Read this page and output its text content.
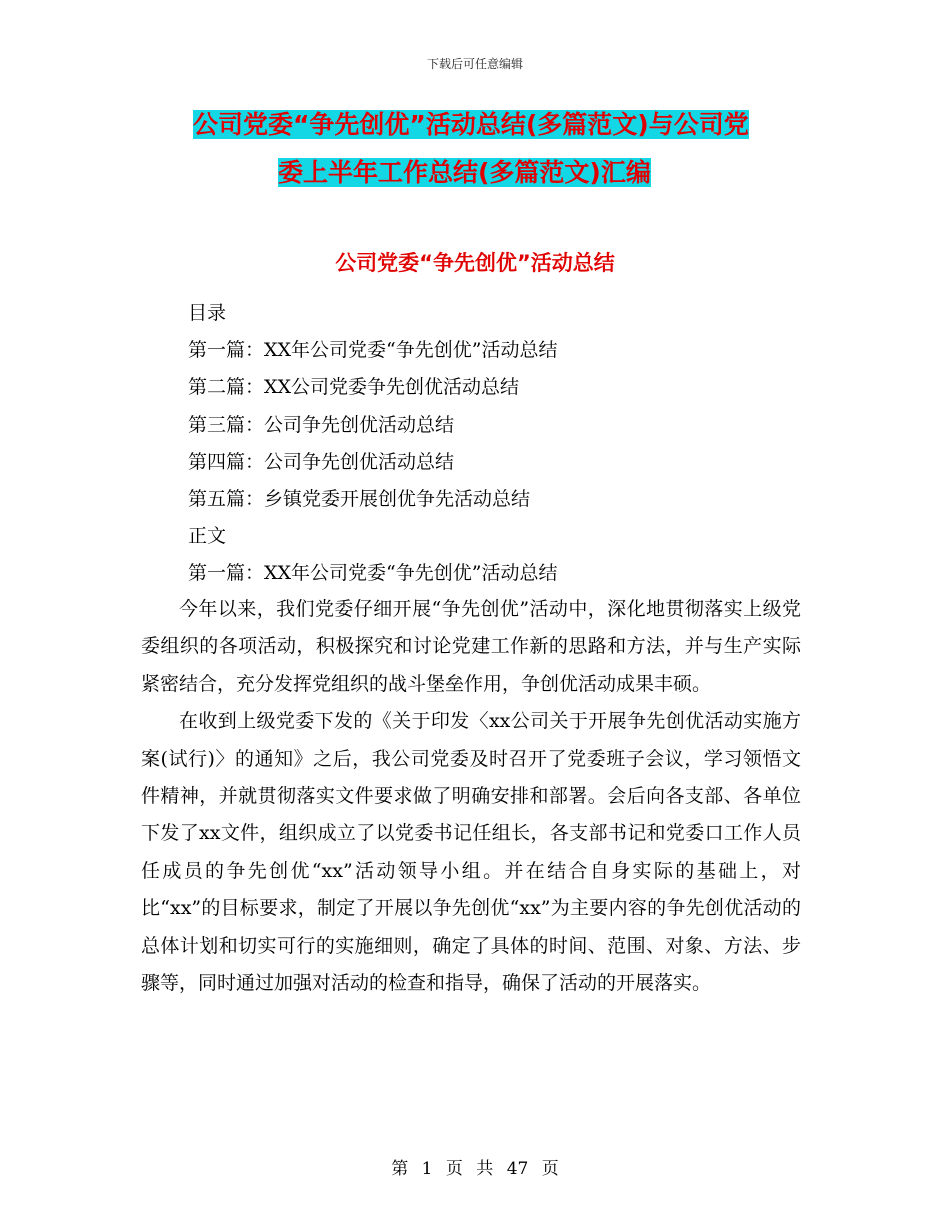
下载后可任意编辑
公司党委“争先创优”活动总结(多篇范文)与公司党
委上半年工作总结(多篇范文)汇编
公司党委“争先创优”活动总结
目录
第一篇：XX年公司党委“争先创优”活动总结
第二篇：XX公司党委争先创优活动总结
第三篇：公司争先创优活动总结
第四篇：公司争先创优活动总结
第五篇：乡镇党委开展创优争先活动总结
正文
第一篇：XX年公司党委“争先创优”活动总结

今年以来，我们党委仔细开展“争先创优”活动中，深化地贯彻落实上级党委组织的各项活动，积极探究和讨论党建工作新的思路和方法，并与生产实际紧密结合，充分发挥党组织的战斗堡垒作用，争创优活动成果丰硕。

在收到上级党委下发的《关于印发〈xx公司关于开展争先创优活动实施方案(试行)〉的通知》之后，我公司党委及时召开了党委班子会议，学习领悟文件精神，并就贯彻落实文件要求做了明确安排和部署。会后向各支部、各单位下发了xx文件，组织成立了以党委书记任组长，各支部书记和党委口工作人员任成员的争先创优“xx”活动领导小组。并在结合自身实际的基础上，对比“xx”的目标要求，制定了开展以争先创优“xx”为主要内容的争先创优活动的总体计划和切实可行的实施细则，确定了具体的时间、范围、对象、方法、步骤等，同时通过加强对活动的检查和指导，确保了活动的开展落实。

第 1 页 共 47 页
